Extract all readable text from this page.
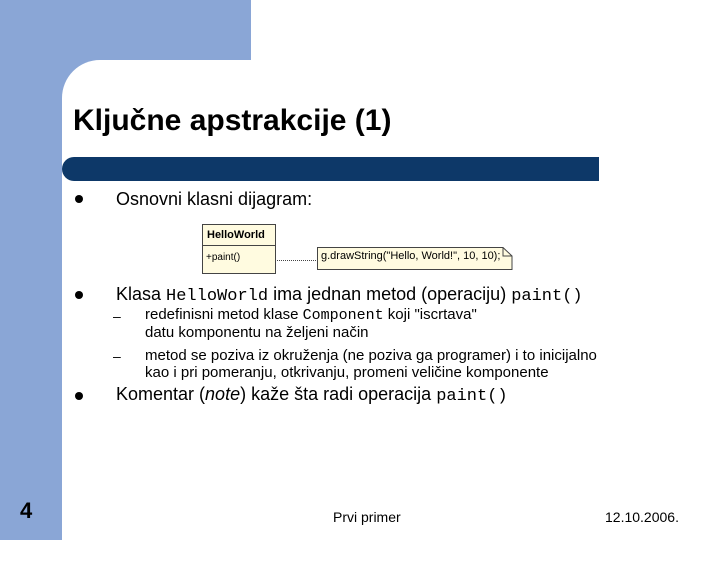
Ključne apstrakcije (1)
Osnovni klasni dijagram:
HelloWorld
+paint()	g.drawString("Hello, World!", 10, 10);
Klasa HelloWorld ima jednan metod (operaciju) paint()
– redefinisni metod klase Component koji "iscrtava"
datu komponentu na željeni način
– metod se poziva iz okruženja (ne poziva ga programer) i to inicijalno
kao i pri pomeranju, otkrivanju, promeni veličine komponente
Komentar (note) kaže šta radi operacija paint()
4	Prvi primer	12.10.2006.
